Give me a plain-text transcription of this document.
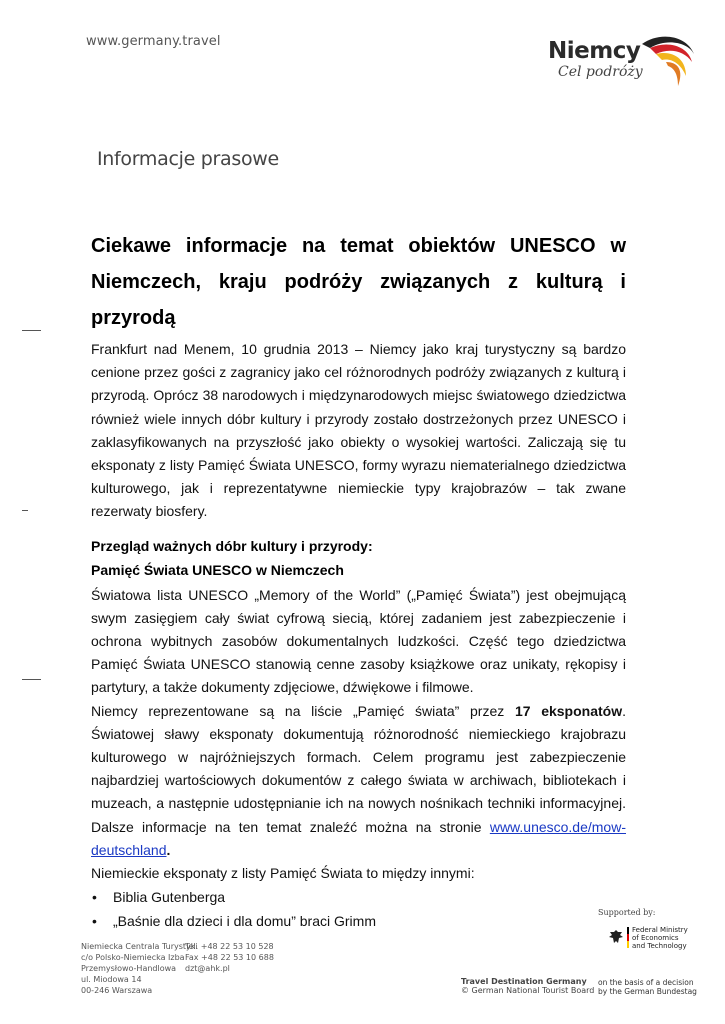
www.germany.travel	Niemcy
Cel podróży
Informacje prasowe
Ciekawe informacje na temat obiektów UNESCO w Niemczech, kraju podróży związanych z kulturą i przyrodą

Frankfurt nad Menem, 10 grudnia 2013 – Niemcy jako kraj turystyczny są bardzo cenione przez gości z zagranicy jako cel różnorodnych podróży związanych z kulturą i przyrodą. Oprócz 38 narodowych i międzynarodowych miejsc światowego dziedzictwa również wiele innych dóbr kultury i przyrody zostało dostrzeżonych przez UNESCO i zaklasyfikowanych na przyszłość jako obiekty o wysokiej wartości. Zaliczają się tu eksponaty z listy Pamięć Świata UNESCO, formy wyrazu niematerialnego dziedzictwa kulturowego, jak i reprezentatywne niemieckie typy krajobrazów – tak zwane rezerwaty biosfery.

Przegląd ważnych dóbr kultury i przyrody:
Pamięć Świata UNESCO w Niemczech

Światowa lista UNESCO „Memory of the World” („Pamięć Świata”) jest obejmującą swym zasięgiem cały świat cyfrową siecią, której zadaniem jest zabezpieczenie i ochrona wybitnych zasobów dokumentalnych ludzkości. Część tego dziedzictwa Pamięć Świata UNESCO stanowią cenne zasoby książkowe oraz unikaty, rękopisy i partytury, a także dokumenty zdjęciowe, dźwiękowe i filmowe.

Niemcy reprezentowane są na liście „Pamięć świata” przez 17 eksponatów. Światowej sławy eksponaty dokumentują różnorodność niemieckiego krajobrazu kulturowego w najróżniejszych formach. Celem programu jest zabezpieczenie najbardziej wartościowych dokumentów z całego świata w archiwach, bibliotekach i muzeach, a następnie udostępnianie ich na nowych nośnikach techniki informacyjnej. Dalsze informacje na ten temat znaleźć można na stronie www.unesco.de/mow-deutschland.

Niemieckie eksponaty z listy Pamięć Świata to między innymi:

• Biblia Gutenberga
• „Baśnie dla dzieci i dla domu” braci Grimm
Niemiecka Centrala Turystyki
c/o Polsko-Niemiecka Izba
Przemysłowo-Handlowa
ul. Miodowa 14
00-246 Warszawa
Tel. +48 22 53 10 528
Fax +48 22 53 10 688
dzt@ahk.pl
Travel Destination Germany
© German National Tourist Board
Supported by:
Federal Ministry
of Economics
and Technology
on the basis of a decision
by the German Bundestag
